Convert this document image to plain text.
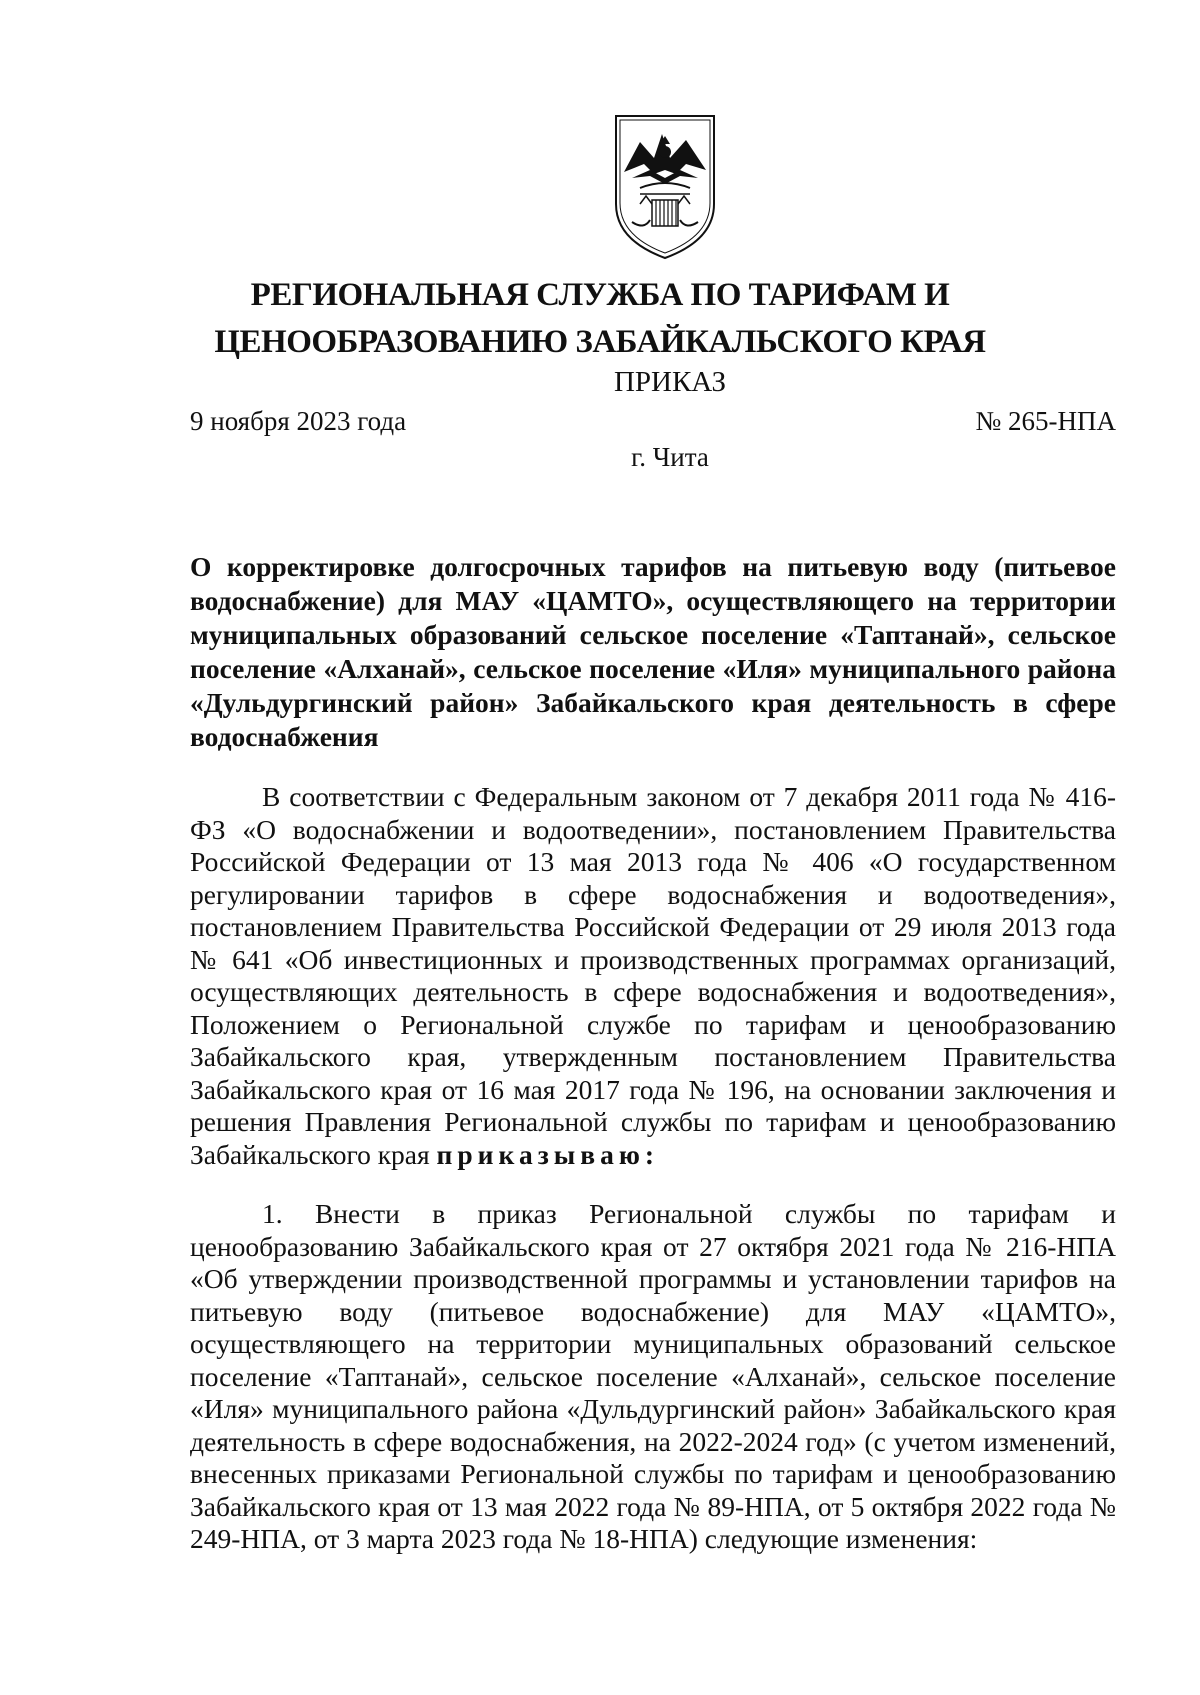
РЕГИОНАЛЬНАЯ СЛУЖБА ПО ТАРИФАМ И
ЦЕНООБРАЗОВАНИЮ ЗАБАЙКАЛЬСКОГО КРАЯ
ПРИКАЗ
9 ноября 2023 года	№ 265-НПА
г. Чита
О корректировке долгосрочных тарифов на питьевую воду (питьевое водоснабжение) для МАУ «ЦАМТО», осуществляющего на территории муниципальных образований сельское поселение «Таптанай», сельское поселение «Алханай», сельское поселение «Иля» муниципального района «Дульдургинский район» Забайкальского края деятельность в сфере водоснабжения
В соответствии с Федеральным законом от 7 декабря 2011 года № 416-ФЗ «О водоснабжении и водоотведении», постановлением Правительства Российской Федерации от 13 мая 2013 года № 406 «О государственном регулировании тарифов в сфере водоснабжения и водоотведения», постановлением Правительства Российской Федерации от 29 июля 2013 года № 641 «Об инвестиционных и производственных программах организаций, осуществляющих деятельность в сфере водоснабжения и водоотведения», Положением о Региональной службе по тарифам и ценообразованию Забайкальского края, утвержденным постановлением Правительства Забайкальского края от 16 мая 2017 года № 196, на основании заключения и решения Правления Региональной службы по тарифам и ценообразованию Забайкальского края приказываю:
1. Внести в приказ Региональной службы по тарифам и ценообразованию Забайкальского края от 27 октября 2021 года № 216-НПА «Об утверждении производственной программы и установлении тарифов на питьевую воду (питьевое водоснабжение) для МАУ «ЦАМТО», осуществляющего на территории муниципальных образований сельское поселение «Таптанай», сельское поселение «Алханай», сельское поселение «Иля» муниципального района «Дульдургинский район» Забайкальского края деятельность в сфере водоснабжения, на 2022-2024 год» (с учетом изменений, внесенных приказами Региональной службы по тарифам и ценообразованию Забайкальского края от 13 мая 2022 года № 89-НПА, от 5 октября 2022 года № 249-НПА, от 3 марта 2023 года № 18-НПА) следующие изменения:
